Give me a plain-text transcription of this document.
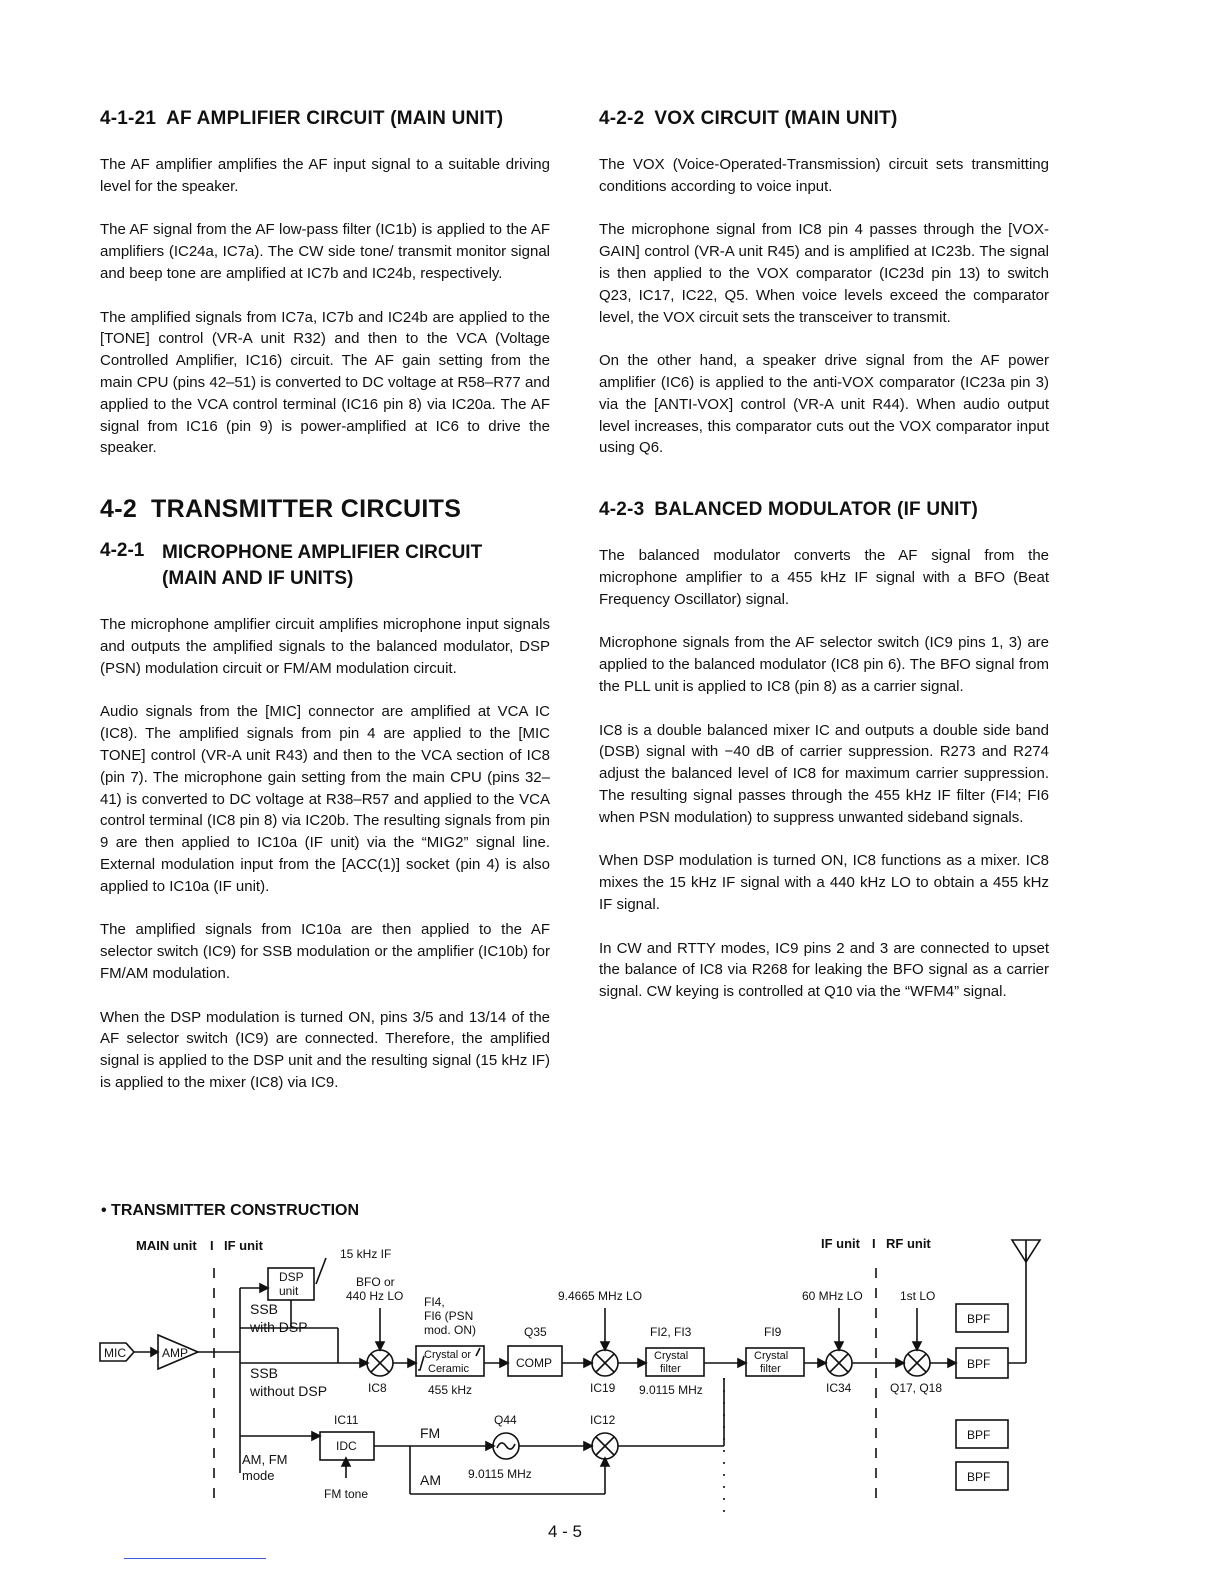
4-1-21 AF AMPLIFIER CIRCUIT (MAIN UNIT)

The AF amplifier amplifies the AF input signal to a suitable driving level for the speaker.

The AF signal from the AF low-pass filter (IC1b) is applied to the AF amplifiers (IC24a, IC7a). The CW side tone/ transmit monitor signal and beep tone are amplified at IC7b and IC24b, respectively.

The amplified signals from IC7a, IC7b and IC24b are applied to the [TONE] control (VR-A unit R32) and then to the VCA (Voltage Controlled Amplifier, IC16) circuit. The AF gain setting from the main CPU (pins 42–51) is converted to DC voltage at R58–R77 and applied to the VCA control terminal (IC16 pin 8) via IC20a. The AF signal from IC16 (pin 9) is power-amplified at IC6 to drive the speaker.

4-2 TRANSMITTER CIRCUITS
4-2-1 MICROPHONE AMPLIFIER CIRCUIT
(MAIN AND IF UNITS)

The microphone amplifier circuit amplifies microphone input signals and outputs the amplified signals to the balanced modulator, DSP (PSN) modulation circuit or FM/AM modulation circuit.

Audio signals from the [MIC] connector are amplified at VCA IC (IC8). The amplified signals from pin 4 are applied to the [MIC TONE] control (VR-A unit R43) and then to the VCA section of IC8 (pin 7). The microphone gain setting from the main CPU (pins 32–41) is converted to DC voltage at R38–R57 and applied to the VCA control terminal (IC8 pin 8) via IC20b. The resulting signals from pin 9 are then applied to IC10a (IF unit) via the “MIG2” signal line. External modulation input from the [ACC(1)] socket (pin 4) is also applied to IC10a (IF unit).

The amplified signals from IC10a are then applied to the AF selector switch (IC9) for SSB modulation or the amplifier (IC10b) for FM/AM modulation.

When the DSP modulation is turned ON, pins 3/5 and 13/14 of the AF selector switch (IC9) are connected. Therefore, the amplified signal is applied to the DSP unit and the resulting signal (15 kHz IF) is applied to the mixer (IC8) via IC9.

4-2-2 VOX CIRCUIT (MAIN UNIT)

The VOX (Voice-Operated-Transmission) circuit sets transmitting conditions according to voice input.

The microphone signal from IC8 pin 4 passes through the [VOX-GAIN] control (VR-A unit R45) and is amplified at IC23b. The signal is then applied to the VOX comparator (IC23d pin 13) to switch Q23, IC17, IC22, Q5. When voice levels exceed the comparator level, the VOX circuit sets the transceiver to transmit.

On the other hand, a speaker drive signal from the AF power amplifier (IC6) is applied to the anti-VOX comparator (IC23a pin 3) via the [ANTI-VOX] control (VR-A unit R44). When audio output level increases, this comparator cuts out the VOX comparator input using Q6.

4-2-3 BALANCED MODULATOR (IF UNIT)

The balanced modulator converts the AF signal from the microphone amplifier to a 455 kHz IF signal with a BFO (Beat Frequency Oscillator) signal.

Microphone signals from the AF selector switch (IC9 pins 1, 3) are applied to the balanced modulator (IC8 pin 6). The BFO signal from the PLL unit is applied to IC8 (pin 8) as a carrier signal.

IC8 is a double balanced mixer IC and outputs a double side band (DSB) signal with −40 dB of carrier suppression. R273 and R274 adjust the balanced level of IC8 for maximum carrier suppression. The resulting signal passes through the 455 kHz IF filter (FI4; FI6 when PSN modulation) to suppress unwanted sideband signals.

When DSP modulation is turned ON, IC8 functions as a mixer. IC8 mixes the 15 kHz IF signal with a 440 kHz LO to obtain a 455 kHz IF signal.

In CW and RTTY modes, IC9 pins 2 and 3 are connected to upset the balance of IC8 via R268 for leaking the BFO signal as a carrier signal. CW keying is controlled at Q10 via the “WFM4” signal.

• TRANSMITTER CONSTRUCTION
MAIN unit I IF unit	IF unit I RF unit
MIC	AMP
DSP
unit
15 kHz IF
BFO or
440 Hz LO
SSB
with DSP
SSB
without DSP
FI4,
FI6 (PSN
mod. ON)
Crystal or
Ceramic
IC8	455 kHz
Q35
COMP
9.4665 MHz LO
IC19
FI2, FI3
Crystal
filter
9.0115 MHz
FI9
Crystal
filter
60 MHz LO
IC34
1st LO
Q17, Q18
BPF
BPF
BPF
BPF
IC11
IDC
AM, FM
mode
FM tone
Q44
FM
AM 9.0115 MHz
IC12
4 - 5
